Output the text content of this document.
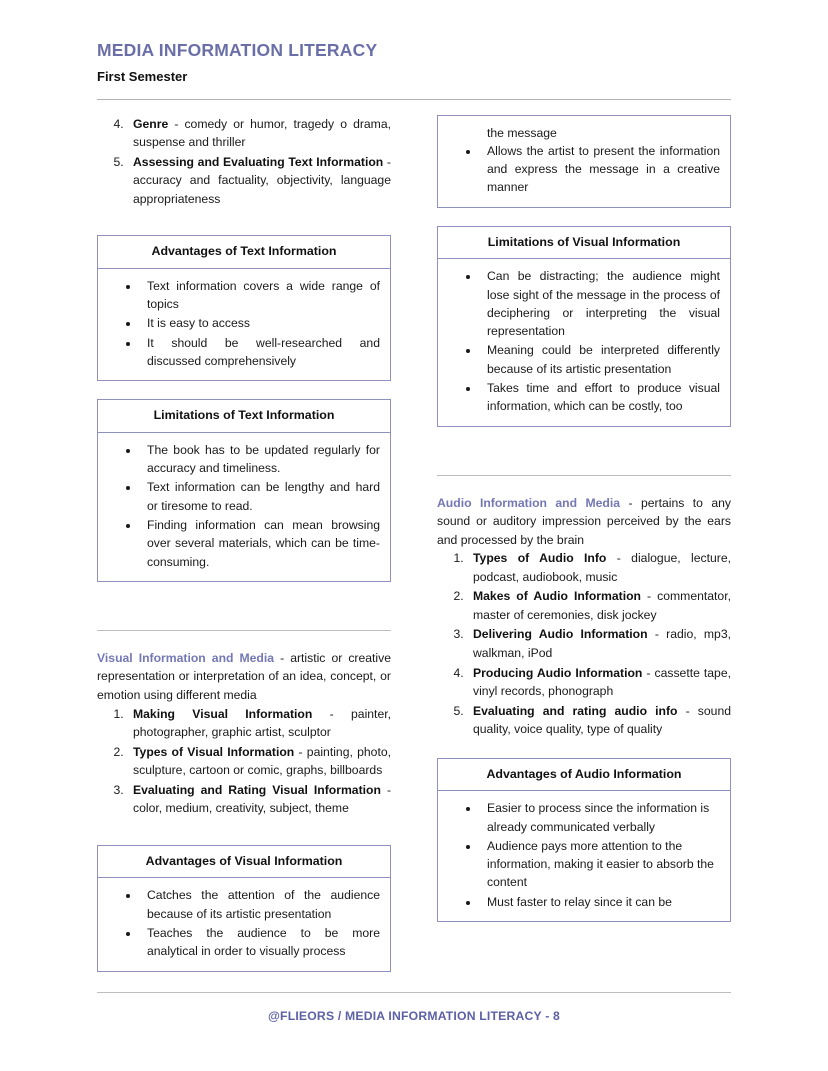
MEDIA INFORMATION LITERACY
First Semester
4. Genre - comedy or humor, tragedy o drama, suspense and thriller
5. Assessing and Evaluating Text Information - accuracy and factuality, objectivity, language appropriateness
Advantages of Text Information
• Text information covers a wide range of topics
• It is easy to access
• It should be well-researched and discussed comprehensively
Limitations of Text Information
• The book has to be updated regularly for accuracy and timeliness.
• Text information can be lengthy and hard or tiresome to read.
• Finding information can mean browsing over several materials, which can be time-consuming.

Visual Information and Media - artistic or creative representation or interpretation of an idea, concept, or emotion using different media

1. Making Visual Information - painter, photographer, graphic artist, sculptor
2. Types of Visual Information - painting, photo, sculpture, cartoon or comic, graphs, billboards
3. Evaluating and Rating Visual Information - color, medium, creativity, subject, theme
Advantages of Visual Information
• Catches the attention of the audience because of its artistic presentation
• Teaches the audience to be more analytical in order to visually process
the message
• Allows the artist to present the information and express the message in a creative manner
Limitations of Visual Information
• Can be distracting; the audience might lose sight of the message in the process of deciphering or interpreting the visual representation
• Meaning could be interpreted differently because of its artistic presentation
• Takes time and effort to produce visual information, which can be costly, too

Audio Information and Media - pertains to any sound or auditory impression perceived by the ears and processed by the brain

1. Types of Audio Info - dialogue, lecture, podcast, audiobook, music
2. Makes of Audio Information - commentator, master of ceremonies, disk jockey
3. Delivering Audio Information - radio, mp3, walkman, iPod
4. Producing Audio Information - cassette tape, vinyl records, phonograph
5. Evaluating and rating audio info - sound quality, voice quality, type of quality
Advantages of Audio Information
• Easier to process since the information is already communicated verbally
• Audience pays more attention to the information, making it easier to absorb the content
• Must faster to relay since it can be
@FLIEORS / MEDIA INFORMATION LITERACY - 8
